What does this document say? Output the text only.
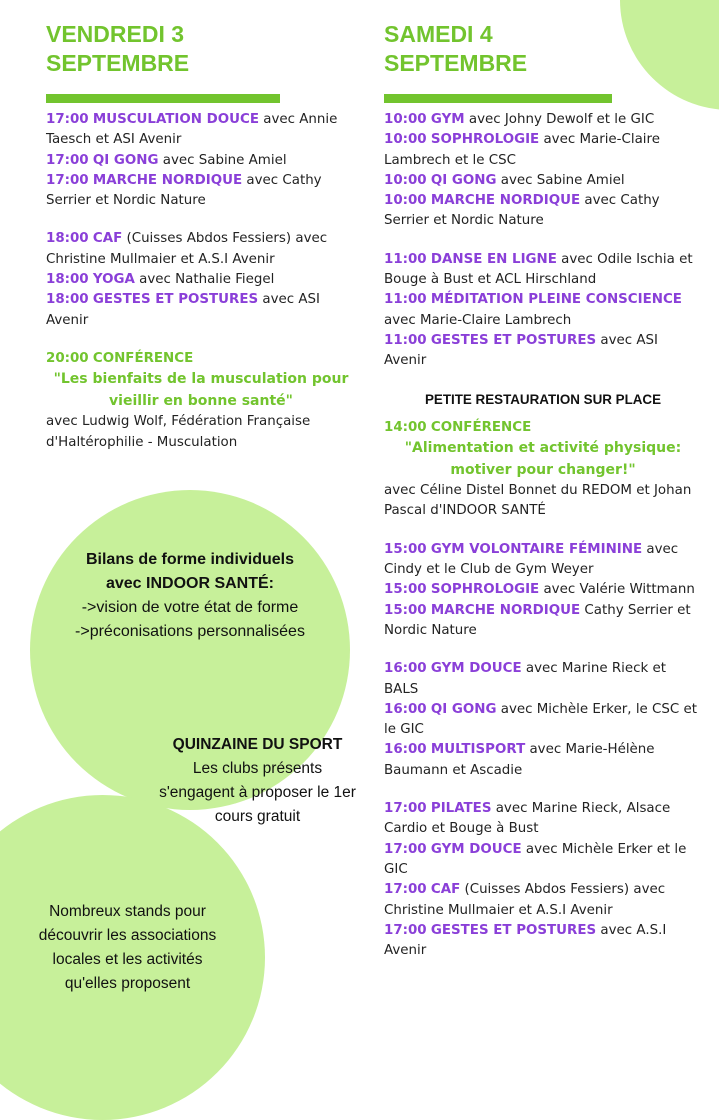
VENDREDI 3
SEPTEMBRE
SAMEDI 4
SEPTEMBRE

17:00 MUSCULATION DOUCE avec Annie Taesch et ASI Avenir

17:00 QI GONG avec Sabine Amiel

17:00 MARCHE NORDIQUE avec Cathy Serrier et Nordic Nature

18:00 CAF (Cuisses Abdos Fessiers) avec Christine Mullmaier et A.S.I Avenir

18:00 YOGA avec Nathalie Fiegel

18:00 GESTES ET POSTURES avec ASI Avenir

20:00 CONFÉRENCE

"Les bienfaits de la musculation pour vieillir en bonne santé"

avec Ludwig Wolf, Fédération Française d'Haltérophilie - Musculation

10:00 GYM avec Johny Dewolf et le GIC

10:00 SOPHROLOGIE avec Marie-Claire Lambrech et le CSC

10:00 QI GONG avec Sabine Amiel

10:00 MARCHE NORDIQUE avec Cathy Serrier et Nordic Nature

11:00 DANSE EN LIGNE avec Odile Ischia et Bouge à Bust et ACL Hirschland

11:00 MÉDITATION PLEINE CONSCIENCE avec Marie-Claire Lambrech

11:00 GESTES ET POSTURES avec ASI Avenir

PETITE RESTAURATION SUR PLACE

14:00 CONFÉRENCE

"Alimentation et activité physique: motiver pour changer!"

avec Céline Distel Bonnet du REDOM et Johan Pascal d'INDOOR SANTÉ

15:00 GYM VOLONTAIRE FÉMININE avec Cindy et le Club de Gym Weyer

15:00 SOPHROLOGIE avec Valérie Wittmann

15:00 MARCHE NORDIQUE Cathy Serrier et Nordic Nature

16:00 GYM DOUCE avec Marine Rieck et BALS

16:00 QI GONG avec Michèle Erker, le CSC et le GIC

16:00 MULTISPORT avec Marie-Hélène Baumann et Ascadie

17:00 PILATES avec Marine Rieck, Alsace Cardio et Bouge à Bust

17:00 GYM DOUCE avec Michèle Erker et le GIC

17:00 CAF (Cuisses Abdos Fessiers) avec Christine Mullmaier et A.S.I Avenir

17:00 GESTES ET POSTURES avec A.S.I Avenir

Bilans de forme individuels
avec INDOOR SANTÉ:
->vision de votre état de forme
->préconisations personnalisées
QUINZAINE DU SPORT
Les clubs présents
s'engagent à proposer le 1er
cours gratuit
Nombreux stands pour
découvrir les associations
locales et les activités
qu'elles proposent
